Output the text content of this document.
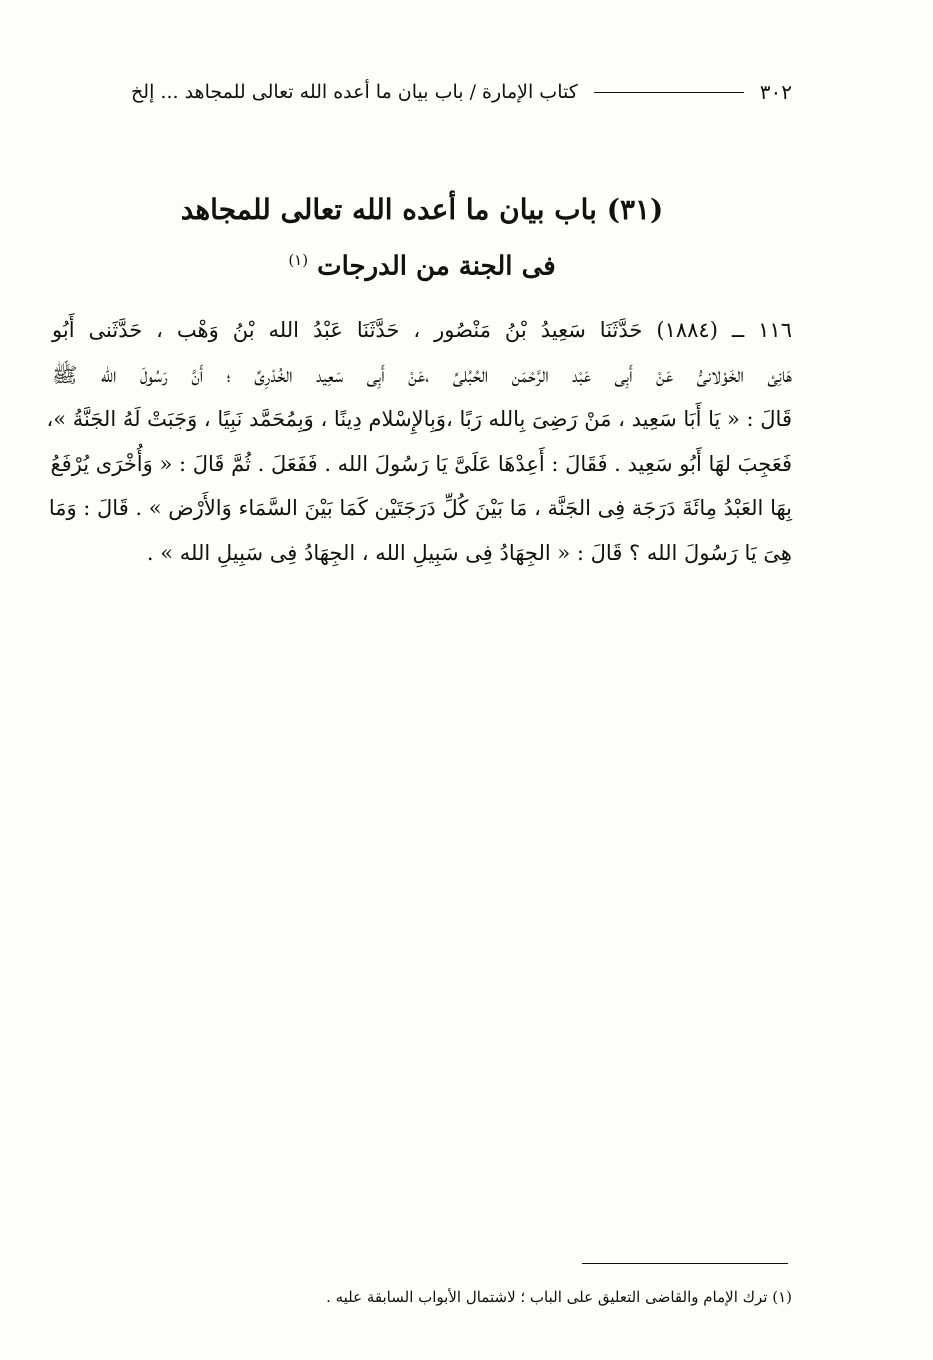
٣٠٢
كتاب الإمارة / باب بيان ما أعده الله تعالى للمجاهد ... إلخ
(٣١) باب بيان ما أعده الله تعالى للمجاهد
فى الجنة من الدرجات $^{(١)}$
١١٦ ــ (١٨٨٤) حَدَّثَنَا سَعِيدُ بْنُ مَنْصُور ، حَدَّثَنَا عَبْدُ الله بْنُ وَهْب ، حَدَّثَنى أَبُو
هَانِئ الخَوْلانىُّ عَنْ أَبِى عَبْد الرَّحْمَن الحُبُلىِّ ،عَنْ أَبِى سَعِيد الخُدْرِىِّ ؛ أَنَّ رَسُولَ الله ﷺ
قَالَ : « يَا أَبَا سَعِيد ، مَنْ رَضِىَ بِالله رَبًا ،وَبِالإِسْلام دِينًا ، وَبِمُحَمَّد نَبِيًا ، وَجَبَتْ لَهُ الجَنَّةُ »،
فَعَجِبَ لهَا أَبُو سَعِيد . فَقَالَ : أَعِدْهَا عَلَىَّ يَا رَسُولَ الله . فَفَعَلَ . ثُمَّ قَالَ : « وَأُخْرَى يُرْفَعُ
بِهَا العَبْدُ مِائَةَ دَرَجَة فِى الجَنَّة ، مَا بَيْنَ كُلِّ دَرَجَتَيْن كَمَا بَيْنَ السَّمَاء وَالأَرْض » . قَالَ : وَمَا
هِىَ يَا رَسُولَ الله ؟ قَالَ : « الجِهَادُ فِى سَبِيلِ الله ، الجِهَادُ فِى سَبِيلِ الله » .
(١) ترك الإمام والقاضى التعليق على الباب ؛ لاشتمال الأبواب السابقة عليه .
